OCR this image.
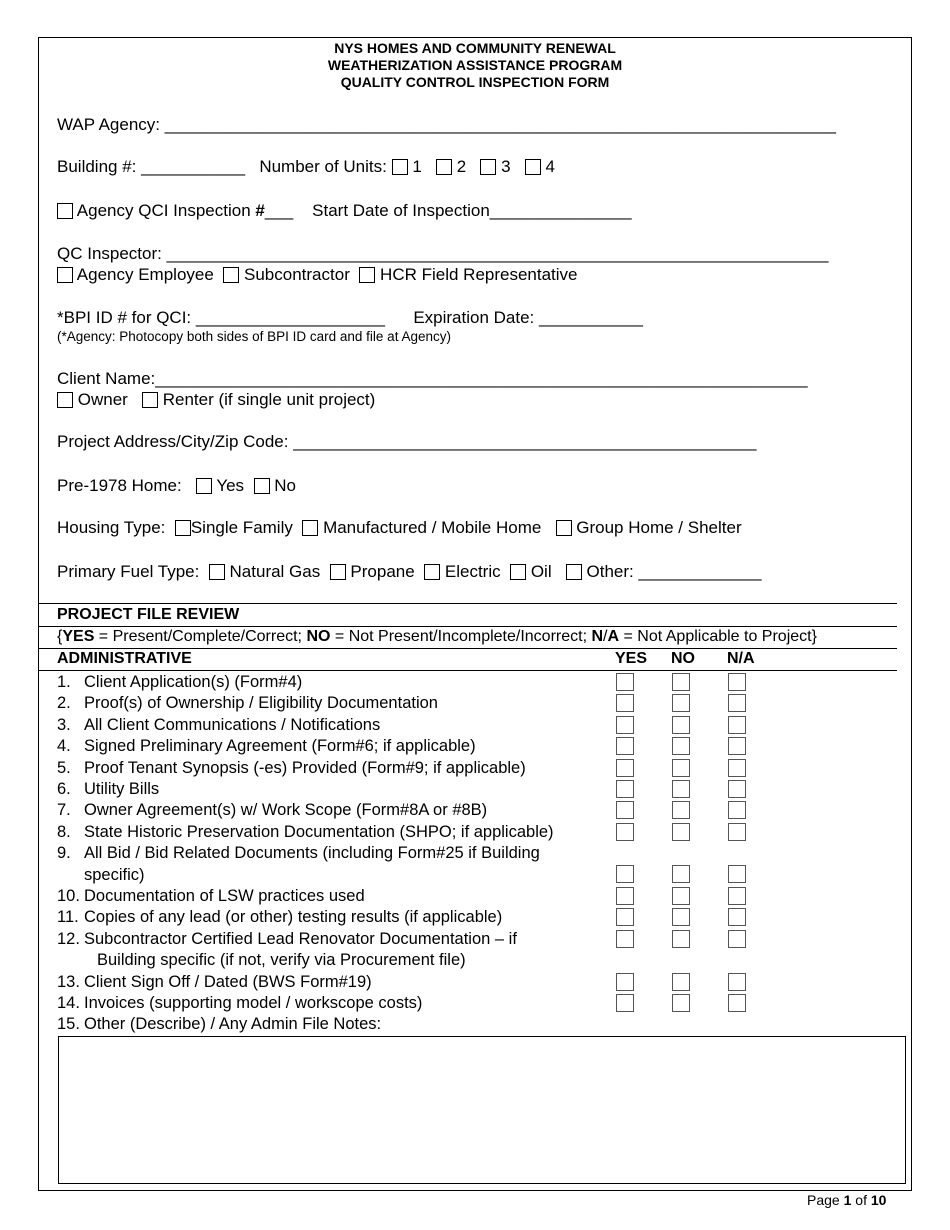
NYS HOMES AND COMMUNITY RENEWAL
WEATHERIZATION ASSISTANCE PROGRAM
QUALITY CONTROL INSPECTION FORM
WAP Agency: _______________________________________________________________________
Building #: ___________ Number of Units: 1 2 3 4
Agency QCI Inspection #___ Start Date of Inspection_______________
QC Inspector: ______________________________________________________________________
Agency Employee Subcontractor HCR Field Representative
*BPI ID # for QCI: ____________________ Expiration Date: ___________
(*Agency: Photocopy both sides of BPI ID card and file at Agency)
Client Name:_____________________________________________________________________
Owner Renter (if single unit project)
Project Address/City/Zip Code: _________________________________________________
Pre-1978 Home: Yes No
Housing Type: Single Family Manufactured / Mobile Home Group Home / Shelter
Primary Fuel Type: Natural Gas Propane Electric Oil Other: _____________
PROJECT FILE REVIEW
{YES = Present/Complete/Correct; NO = Not Present/Incomplete/Incorrect; N/A = Not Applicable to Project}
ADMINISTRATIVE	YES NO N/A
1. Client Application(s) (Form#4)
2. Proof(s) of Ownership / Eligibility Documentation
3. All Client Communications / Notifications
4. Signed Preliminary Agreement (Form#6; if applicable)
5. Proof Tenant Synopsis (-es) Provided (Form#9; if applicable)
6. Utility Bills
7. Owner Agreement(s) w/ Work Scope (Form#8A or #8B)
8. State Historic Preservation Documentation (SHPO; if applicable)
9. All Bid / Bid Related Documents (including Form#25 if Building
specific)
10. Documentation of LSW practices used
11. Copies of any lead (or other) testing results (if applicable)
12. Subcontractor Certified Lead Renovator Documentation – if
Building specific (if not, verify via Procurement file)
13. Client Sign Off / Dated (BWS Form#19)
14. Invoices (supporting model / workscope costs)
15. Other (Describe) / Any Admin File Notes:
Page 1 of 10
